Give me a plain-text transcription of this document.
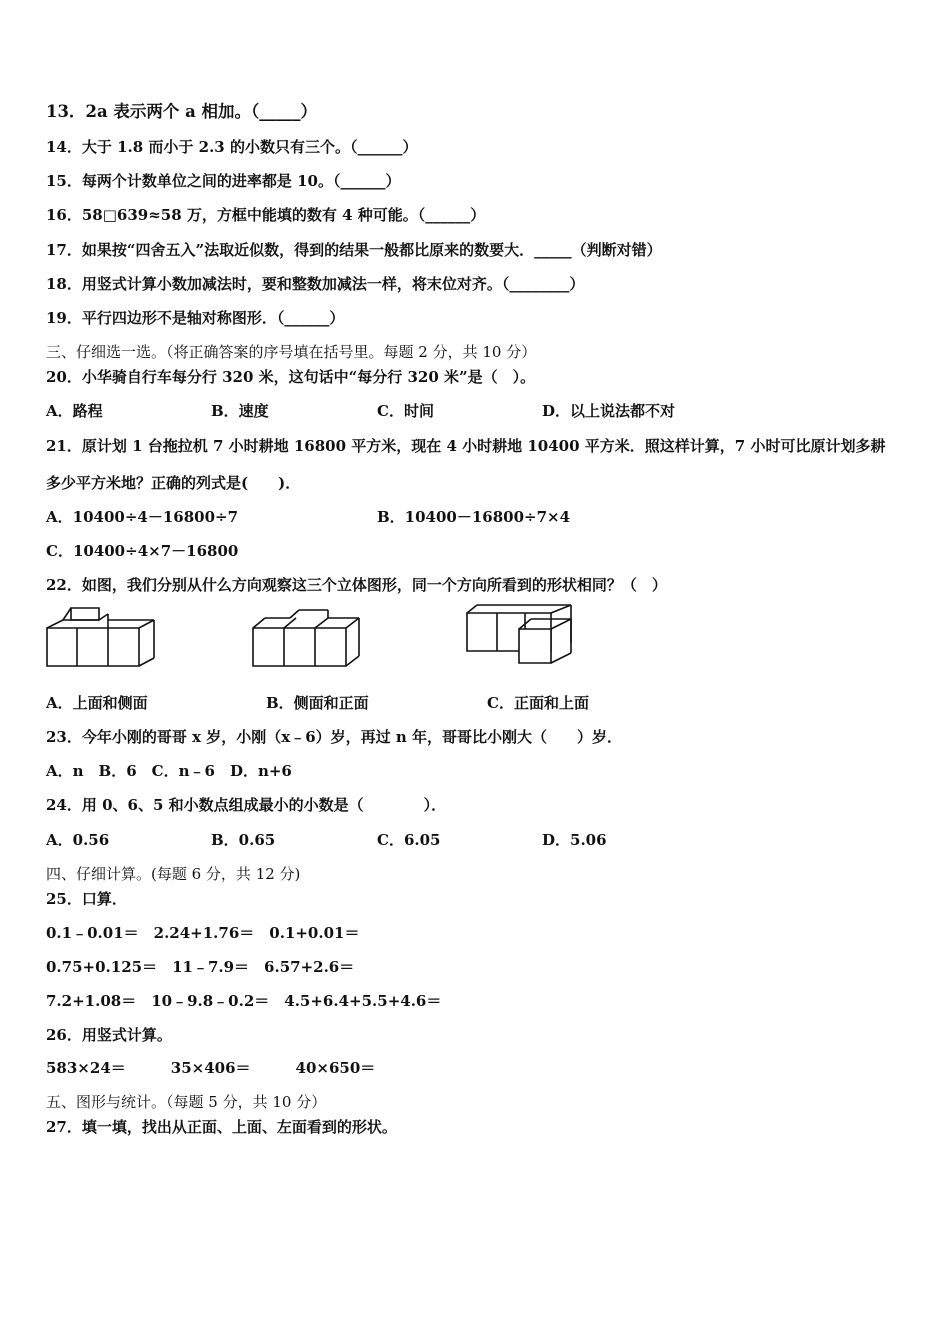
13．2a 表示两个 a 相加。（_____）
14．大于 1.8 而小于 2.3 的小数只有三个。（______）
15．每两个计数单位之间的进率都是 10。（______）
16．58□639≈58 万，方框中能填的数有 4 种可能。（______）
17．如果按“四舍五入”法取近似数，得到的结果一般都比原来的数要大．_____（判断对错）
18．用竖式计算小数加减法时，要和整数加减法一样，将末位对齐。（________）
19．平行四边形不是轴对称图形．（______）
三、仔细选一选。（将正确答案的序号填在括号里。每题 2 分，共 10 分）
20．小华骑自行车每分行 320 米，这句话中“每分行 320 米”是（　）。
A．路程	B．速度	C．时间	D．以上说法都不对
21．原计划 1 台拖拉机 7 小时耕地 16800 平方米，现在 4 小时耕地 10400 平方米．照这样计算，7 小时可比原计划多耕
多少平方米地？正确的列式是(　　)．
A．10400÷4－16800÷7	B．10400－16800÷7×4
C．10400÷4×7－16800
22．如图，我们分别从什么方向观察这三个立体图形，同一个方向所看到的形状相同？（　）
A．上面和侧面	B．侧面和正面	C．正面和上面
23．今年小刚的哥哥 x 岁，小刚（x﹣6）岁，再过 n 年，哥哥比小刚大（　　）岁．
A．n　B．6　C．n﹣6　D．n+6
24．用 0、6、5 和小数点组成最小的小数是（　　　　）．
A．0.56	B．0.65	C．6.05	D．5.06
四、仔细计算。(每题 6 分，共 12 分)
25．口算．
0.1﹣0.01＝　2.24+1.76＝　0.1+0.01＝
0.75+0.125＝　11﹣7.9＝　6.57+2.6＝
7.2+1.08＝　10﹣9.8﹣0.2＝　4.5+6.4+5.5+4.6＝
26．用竖式计算。
583×24＝　　　35×406＝　　　40×650＝
五、图形与统计。（每题 5 分，共 10 分）
27．填一填，找出从正面、上面、左面看到的形状。
